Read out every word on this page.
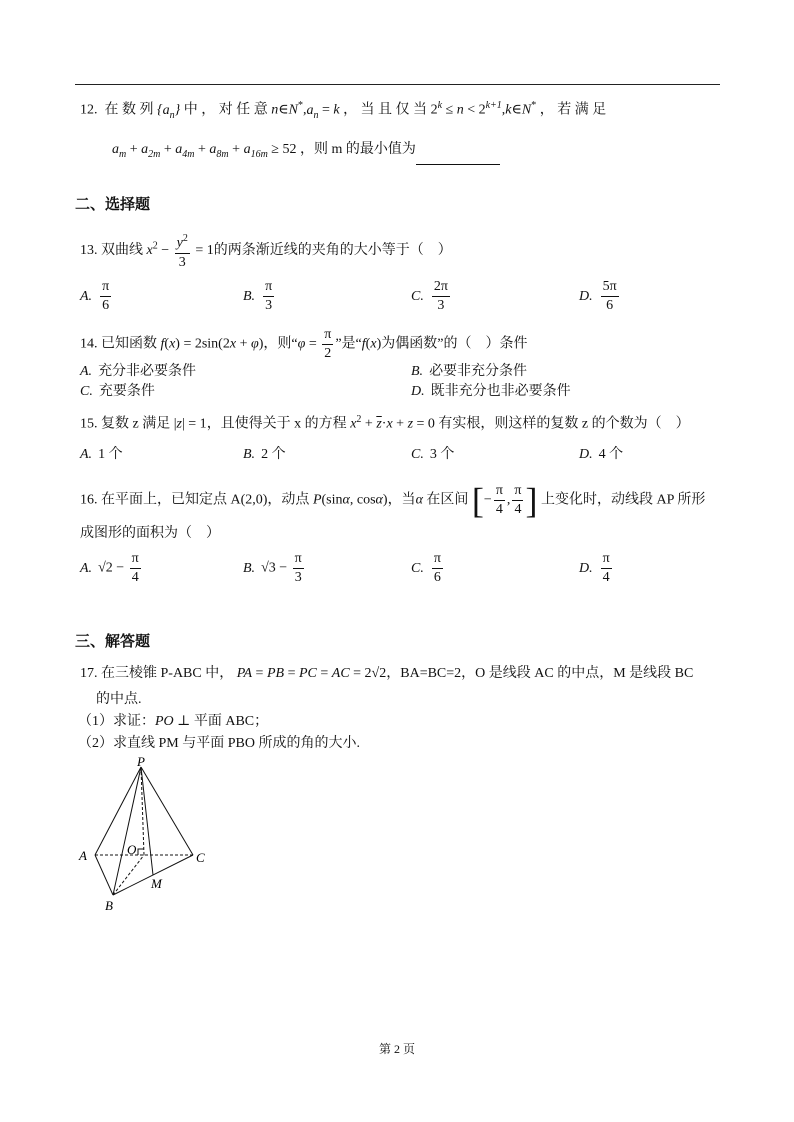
12. 在 数 列 $\{a_n\}$ 中 ， 对 任 意 $n\in N^*,a_n = k$ ， 当 且 仅 当 $2^k \le n$ < $2^{k+1},k\in N^*$ ， 若 满 足
$a_m + a_{2m} + a_{4m} + a_{8m} + a_{16m} \ge 52$ ，则 m 的最小值为
二、选择题
13. 双曲线 $x^2 - \frac{y^2}{3} = 1$的两条渐近线的夹角的大小等于（　）
A. $\frac{\pi}{6}$	B. $\frac{\pi}{3}$	C. $\frac{2\pi}{3}$	D. $\frac{5\pi}{6}$
14. 已知函数 f(x) = 2sin(2x + φ)，则“$\varphi = \frac{\pi}{2}$ ”是“f(x)为偶函数”的（　）条件
A. 充分非必要条件	B. 必要非充分条件
C. 充要条件	D. 既非充分也非必要条件
15. 复数 z 满足 |z| = 1，且使得关于 x 的方程 $x^2 + \overline{z}\cdot x + z = 0$ 有实根，则这样的复数 z 的个数为（　）
A. 1 个	B. 2 个	C. 3 个	D. 4 个
16. 在平面上，已知定点 A(2,0)，动点 P(sinα, cosα)，当α 在区间 [− $\frac{\pi}{4}$ , $\frac{\pi}{4}$ ] 上变化时，动线段 AP 所形
成图形的面积为（　）
A. $√2 - \frac{\pi}{4}$	B. $√3 - \frac{\pi}{3}$	C. $\frac{\pi}{6}$	D. $\frac{\pi}{4}$
三、解答题
17. 在三棱锥 P-ABC 中， PA = PB = PC = AC = 2√2，BA=BC=2，O 是线段 AC 的中点，M 是线段 BC
的中点.
（1）求证：PO ⊥ 平面 ABC；
（2）求直线 PM 与平面 PBO 所成的角的大小.
P
A	C
O
B
M
第 2 页
